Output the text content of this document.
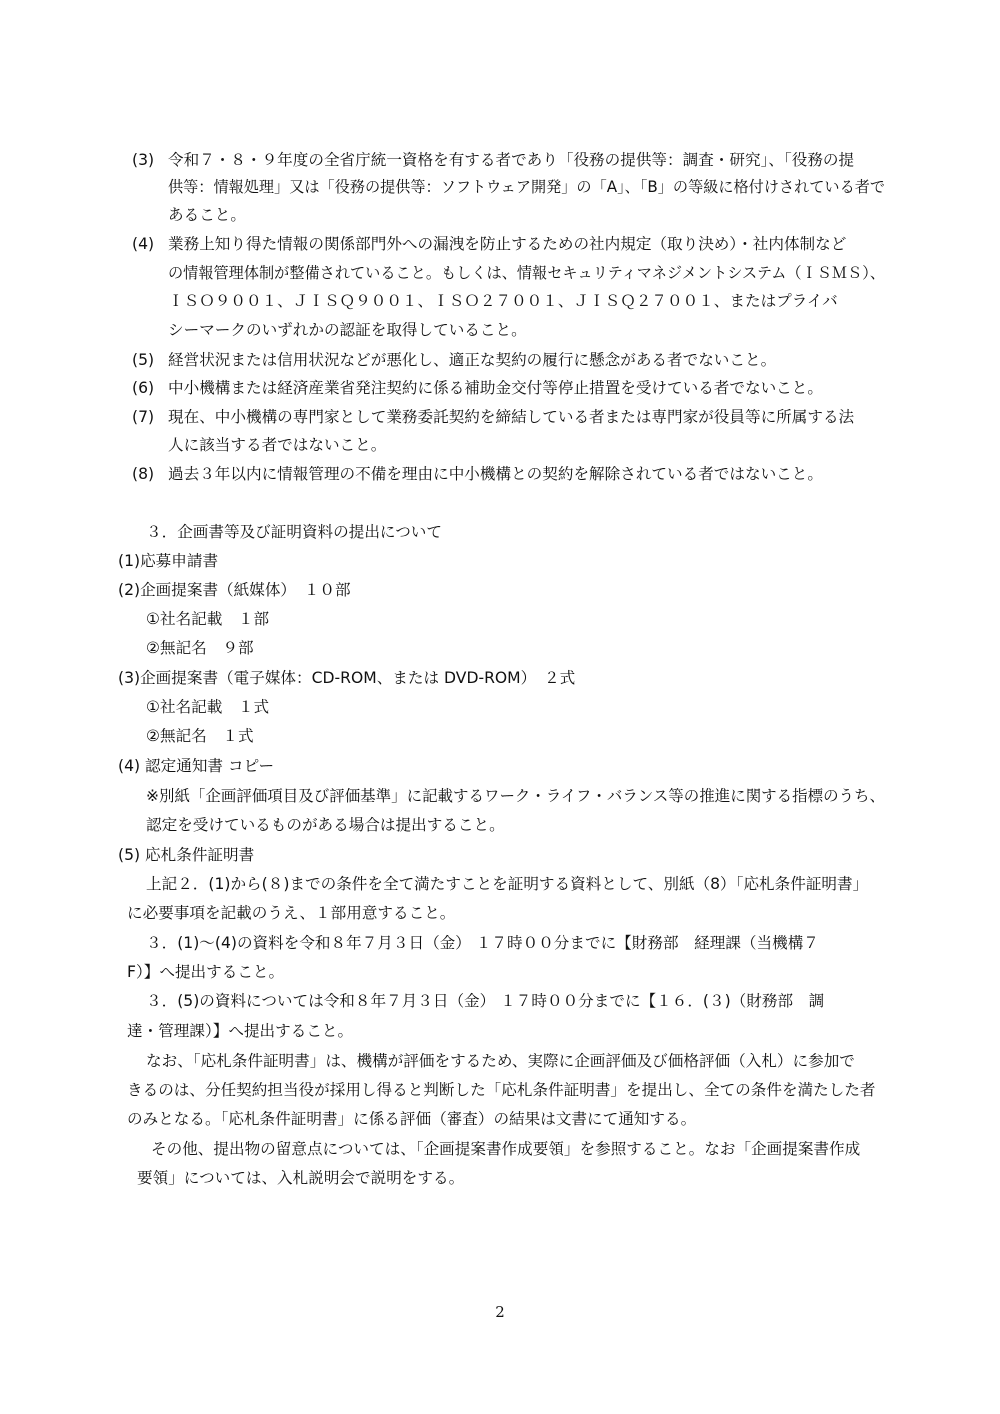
(3) 令和７・８・９年度の全省庁統一資格を有する者であり「役務の提供等：調査・研究」、「役務の提
供等：情報処理」又は「役務の提供等：ソフトウェア開発」の「A」、「B」の等級に格付けされている者で
あること。
(4) 業務上知り得た情報の関係部門外への漏洩を防止するための社内規定（取り決め）・社内体制など
の情報管理体制が整備されていること。もしくは、情報セキュリティマネジメントシステム（ＩＳＭＳ）、
ＩＳＯ９００１、ＪＩＳＱ９００１、ＩＳＯ２７００１、ＪＩＳＱ２７００１、またはプライバ
シーマークのいずれかの認証を取得していること。
(5) 経営状況または信用状況などが悪化し、適正な契約の履行に懸念がある者でないこと。
(6) 中小機構または経済産業省発注契約に係る補助金交付等停止措置を受けている者でないこと。
(7) 現在、中小機構の専門家として業務委託契約を締結している者または専門家が役員等に所属する法
人に該当する者ではないこと。
(8) 過去３年以内に情報管理の不備を理由に中小機構との契約を解除されている者ではないこと。
３．企画書等及び証明資料の提出について
(1)応募申請書
(2)企画提案書（紙媒体）　１０部
①社名記載　１部
②無記名　９部
(3)企画提案書（電子媒体：CD-ROM、または DVD-ROM）　２式
①社名記載　１式
②無記名　１式
(4) 認定通知書 コピー
※別紙「企画評価項目及び評価基準」に記載するワーク・ライフ・バランス等の推進に関する指標のうち、
認定を受けているものがある場合は提出すること。
(5) 応札条件証明書
上記２．(1)から(８)までの条件を全て満たすことを証明する資料として、別紙（8）「応札条件証明書」
に必要事項を記載のうえ、１部用意すること。
３．(1)～(4)の資料を令和８年７月３日（金） １７時００分までに【財務部　経理課（当機構７
F）】へ提出すること。
３．(5)の資料については令和８年７月３日（金） １７時００分までに【１６．(３)（財務部　調
達・管理課）】へ提出すること。
なお、「応札条件証明書」は、機構が評価をするため、実際に企画評価及び価格評価（入札）に参加で
きるのは、分任契約担当役が採用し得ると判断した「応札条件証明書」を提出し、全ての条件を満たした者
のみとなる。「応札条件証明書」に係る評価（審査）の結果は文書にて通知する。
その他、提出物の留意点については、「企画提案書作成要領」を参照すること。なお「企画提案書作成
要領」については、入札説明会で説明をする。
2
